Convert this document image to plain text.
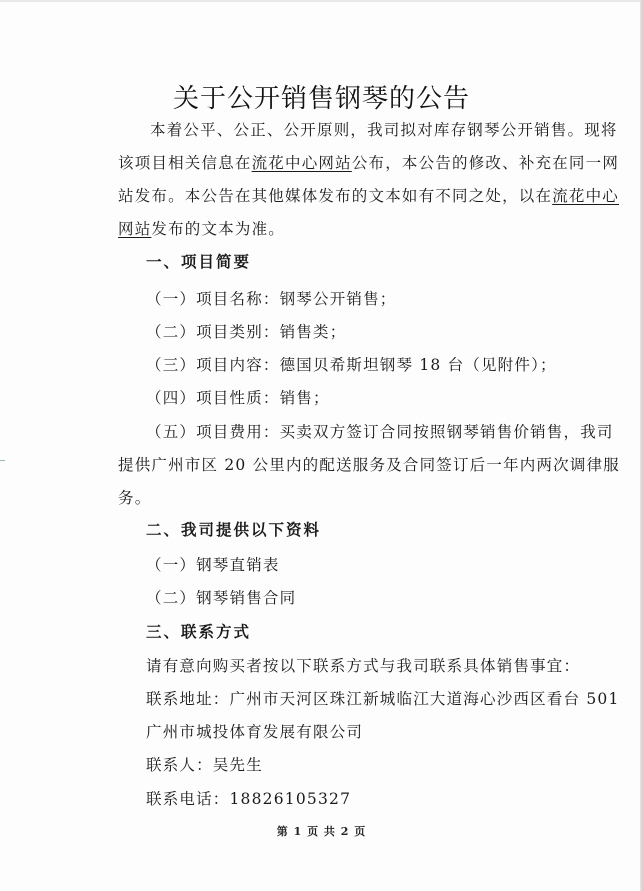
关于公开销售钢琴的公告
本着公平、公正、公开原则，我司拟对库存钢琴公开销售。现将
该项目相关信息在流花中心网站公布，本公告的修改、补充在同一网
站发布。本公告在其他媒体发布的文本如有不同之处，以在流花中心
网站发布的文本为准。
一、项目简要
（一）项目名称：钢琴公开销售；
（二）项目类别：销售类；
（三）项目内容：德国贝希斯坦钢琴 18 台（见附件）；
（四）项目性质：销售；
（五）项目费用：买卖双方签订合同按照钢琴销售价销售，我司
提供广州市区 20 公里内的配送服务及合同签订后一年内两次调律服
务。
二、我司提供以下资料
（一）钢琴直销表
（二）钢琴销售合同
三、联系方式
请有意向购买者按以下联系方式与我司联系具体销售事宜：
联系地址：广州市天河区珠江新城临江大道海心沙西区看台 501
广州市城投体育发展有限公司
联系人：吴先生
联系电话：18826105327
第 1 页 共 2 页
